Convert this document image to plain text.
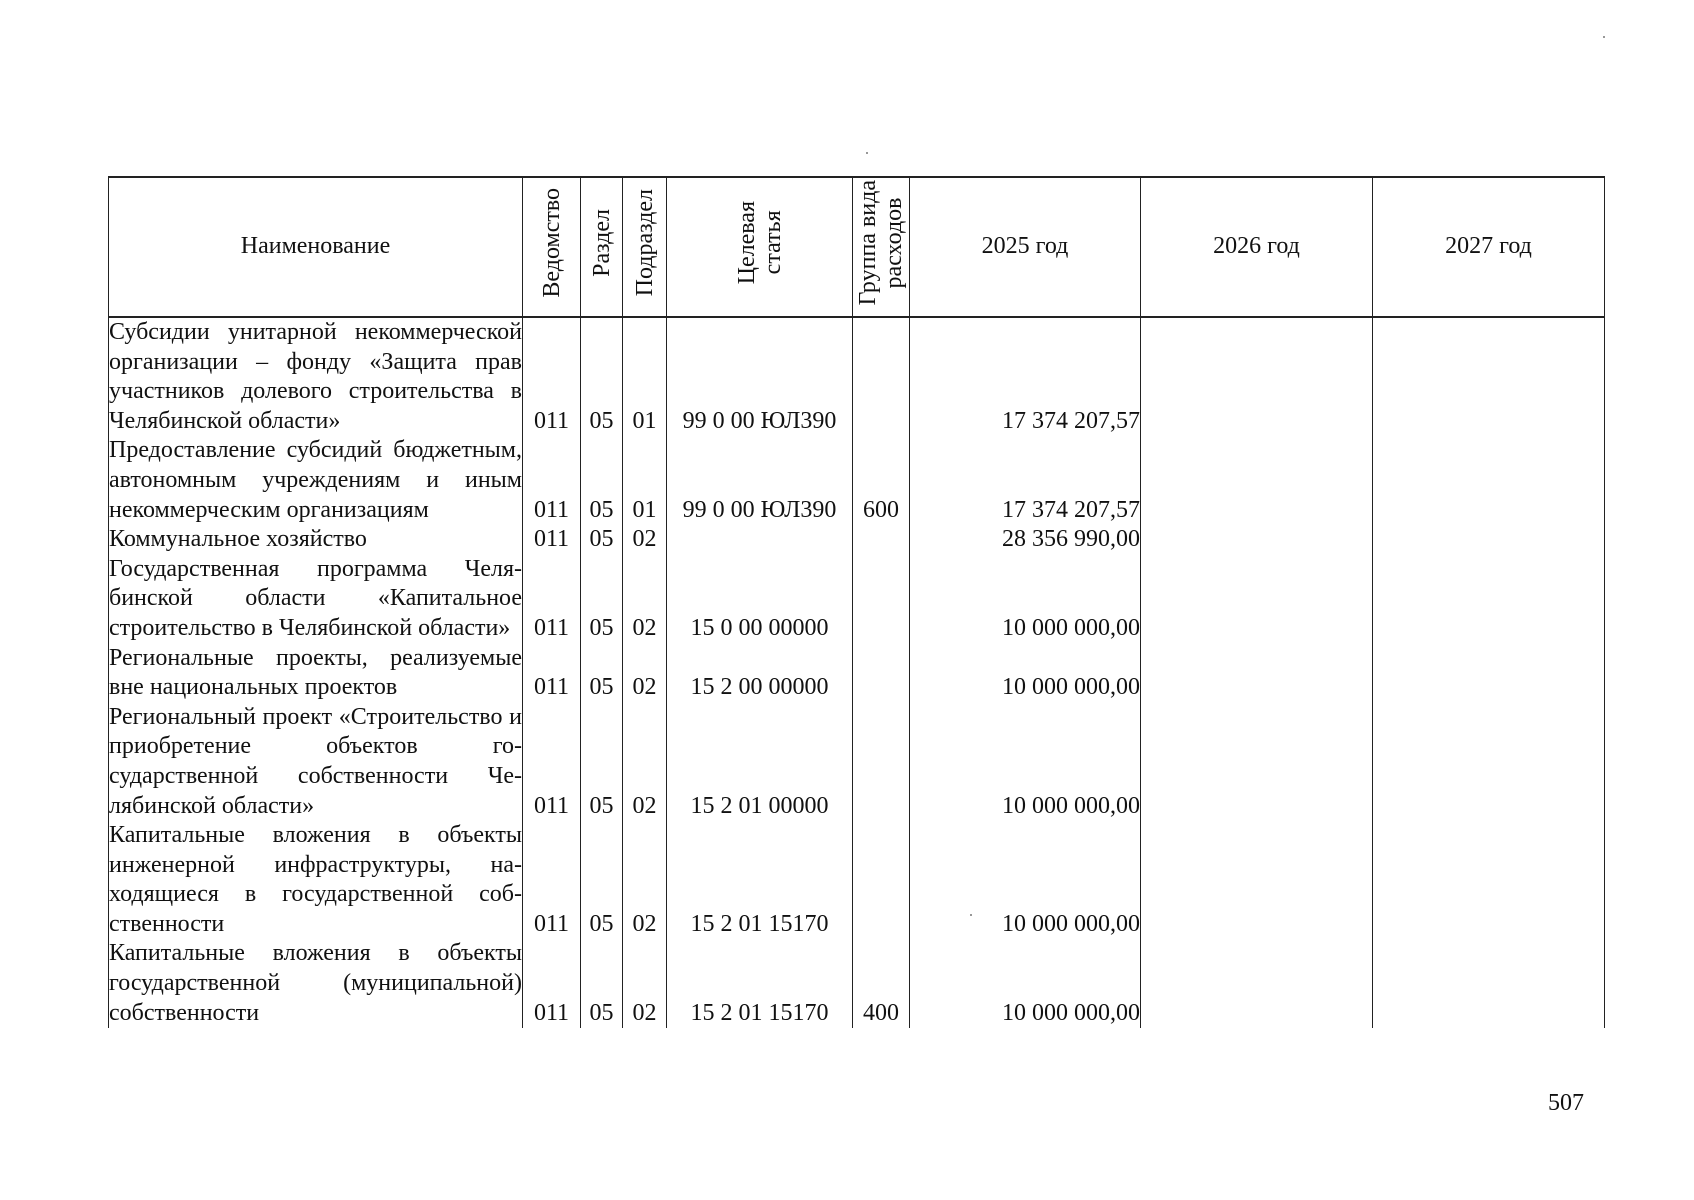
Наименование	Ведомство	Раздел	Подраздел	Целевая
статья	Группа вида
расходов	2025 год	2026 год	2027 год
Субсидии унитарной некоммерческой организации – фонду «Защита прав участников долевого строительства в Челябинской области»	011	05	01	99 0 00 ЮЛ390		17 374 207,57		
Предоставление субсидий бюджетным, автономным учреждениям и иным некоммерческим организациям	011	05	01	99 0 00 ЮЛ390	600	17 374 207,57		
Коммунальное хозяйство	011	05	02			28 356 990,00		
Государственная программа Челябинской области «Капитальное строительство в Челябинской области»	011	05	02	15 0 00 00000		10 000 000,00		
Региональные проекты, реализуемые вне национальных проектов	011	05	02	15 2 00 00000		10 000 000,00		
Региональный проект «Строительство и приобретение объектов государственной собственности Челябинской области»	011	05	02	15 2 01 00000		10 000 000,00		
Капитальные вложения в объекты инженерной инфраструктуры, находящиеся в государственной собственности	011	05	02	15 2 01 15170		10 000 000,00		
Капитальные вложения в объекты государственной (муниципальной) собственности	011	05	02	15 2 01 15170	400	10 000 000,00		
507
